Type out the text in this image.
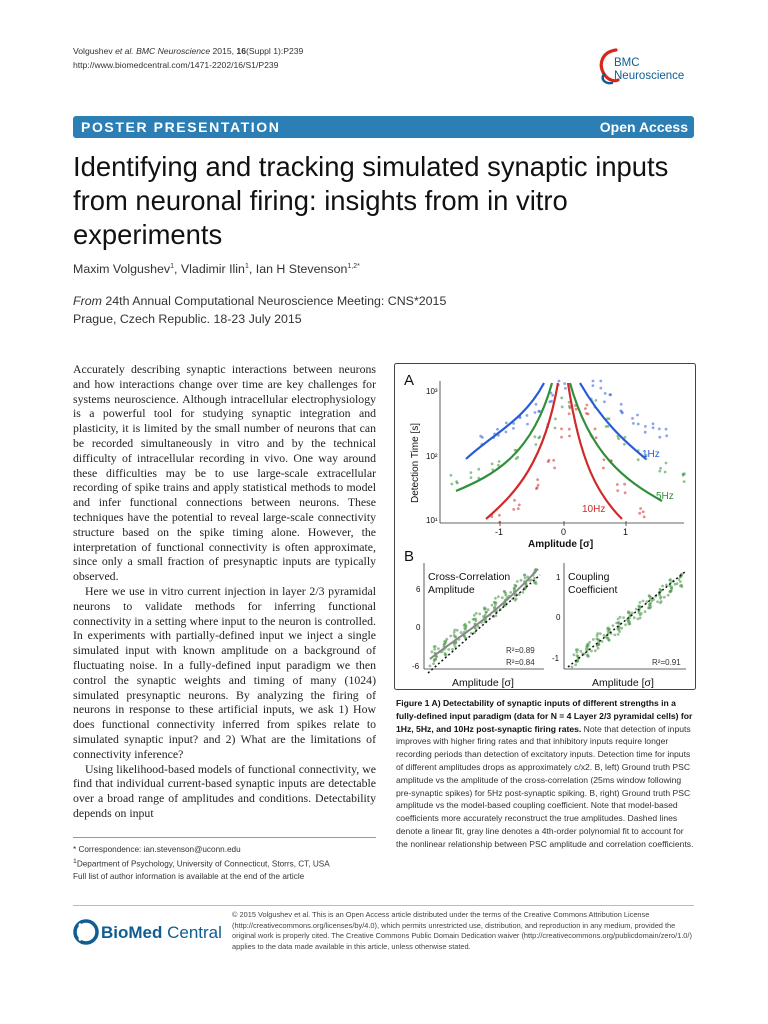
Volgushev et al. BMC Neuroscience 2015, 16(Suppl 1):P239
http://www.biomedcentral.com/1471-2202/16/S1/P239	BMC
Neuroscience
POSTER PRESENTATION	Open Access
Identifying and tracking simulated synaptic inputs from neuronal firing: insights from in vitro experiments
Maxim Volgushev$^1$, Vladimir Ilin$^1$, Ian H Stevenson$^{1,2*}$
From 24th Annual Computational Neuroscience Meeting: CNS*2015
Prague, Czech Republic. 18-23 July 2015

Accurately describing synaptic interactions between neurons and how interactions change over time are key challenges for systems neuroscience. Although intracellular electrophysiology is a powerful tool for studying synaptic integration and plasticity, it is limited by the small number of neurons that can be recorded simultaneously in vitro and by the technical difficulty of intracellular recording in vivo. One way around these difficulties may be to use large-scale extracellular recording of spike trains and apply statistical methods to model and infer functional connections between neurons. These techniques have the potential to reveal large-scale connectivity structure based on the spike timing alone. However, the interpretation of functional connectivity is often approximate, since only a small fraction of presynaptic inputs are typically observed.

Here we use in vitro current injection in layer 2/3 pyramidal neurons to validate methods for inferring functional connectivity in a setting where input to the neuron is controlled. In experiments with partially-defined input we inject a single simulated input with known amplitude on a background of fluctuating noise. In a fully-defined input paradigm we then control the synaptic weights and timing of many (1024) simulated presynaptic neurons. By analyzing the firing of neurons in response to these artificial inputs, we ask 1) How does functional connectivity inferred from spikes relate to simulated synaptic input? and 2) What are the limitations of connectivity inference?

Using likelihood-based models of functional connectivity, we find that individual current-based synaptic inputs are detectable over a broad range of amplitudes and conditions. Detectability depends on input

* Correspondence: ian.stevenson@uconn.edu
$^1$Department of Psychology, University of Connecticut, Storrs, CT, USA
Full list of author information is available at the end of the article
A
Detection Time [s]
10³
10²
10¹
-1	0	1
Amplitude [σ]
1Hz
5Hz
10Hz
B
Cross-Correlation
Amplitude
6
0
-6
R²=0.89
R²=0.84
Amplitude [σ]
Coupling
Coefficient
1
0
-1	R²=0.91
Amplitude [σ]
Figure 1 A) Detectability of synaptic inputs of different strengths in a fully-defined input paradigm (data for N = 4 Layer 2/3 pyramidal cells) for 1Hz, 5Hz, and 10Hz post-synaptic firing rates. Note that detection of inputs improves with higher firing rates and that inhibitory inputs require longer recording periods than detection of excitatory inputs. Detection time for inputs of different amplitudes drops as approximately c/x2. B, left) Ground truth PSC amplitude vs the amplitude of the cross-correlation (25ms window following pre-synaptic spikes) for 5Hz post-synaptic spiking. B, right) Ground truth PSC amplitude vs the model-based coupling coefficient. Note that model-based coefficients more accurately reconstruct the true amplitudes. Dashed lines denote a linear fit, gray line denotes a 4th-order polynomial fit to account for the nonlinear relationship between PSC amplitude and correlation coefficients.
BioMed Central
© 2015 Volgushev et al. This is an Open Access article distributed under the terms of the Creative Commons Attribution License (http://creativecommons.org/licenses/by/4.0), which permits unrestricted use, distribution, and reproduction in any medium, provided the original work is properly cited. The Creative Commons Public Domain Dedication waiver (http://creativecommons.org/publicdomain/zero/1.0/) applies to the data made available in this article, unless otherwise stated.
